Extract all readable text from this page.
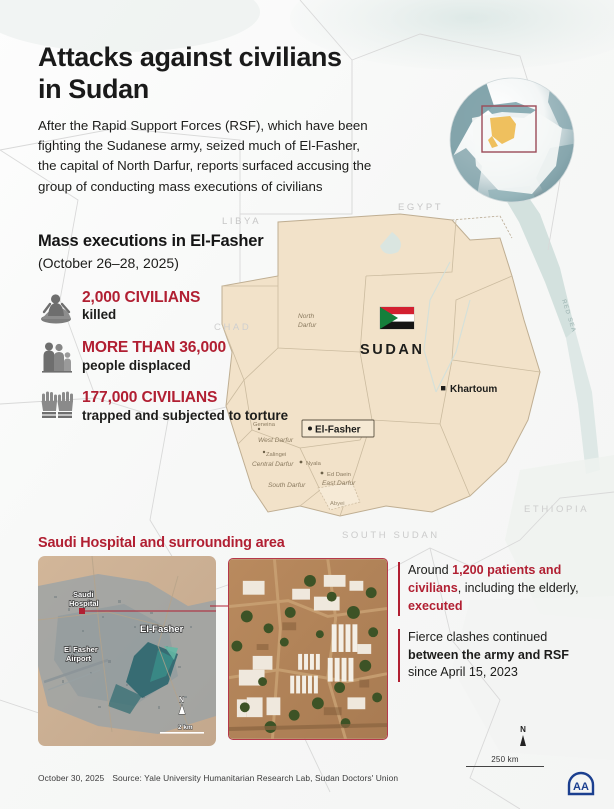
RED SEA
LIBYA
EGYPT
CHAD
SOUTH SUDAN
ETHIOPIA
SUDAN
North
Darfur
West Darfur
Central Darfur
South Darfur	East Darfur
Abyei
Geneina
Zalingei
Nyala
Ed Daein
Khartoum
El-Fasher
Attacks against civilians in Sudan
After the Rapid Support Forces (RSF), which have been fighting the Sudanese army, seized much of El-Fasher, the capital of North Darfur, reports surfaced accusing the group of conducting mass executions of civilians
Mass executions in El-Fasher
(October 26–28, 2025)
2,000 CIVILIANS
killed
MORE THAN 36,000
people displaced
177,000 CIVILIANS
trapped and subjected to torture
Saudi Hospital and surrounding area
Saudi
Hospital
El Fasher
Airport
El-Fasher
N
2 km
Around 1,200 patients and civilians, including the elderly, executed
Fierce clashes continued between the army and RSF since April 15, 2023
N
250 km
October 30, 2025 Source: Yale University Humanitarian Research Lab, Sudan Doctors' Union
AA
